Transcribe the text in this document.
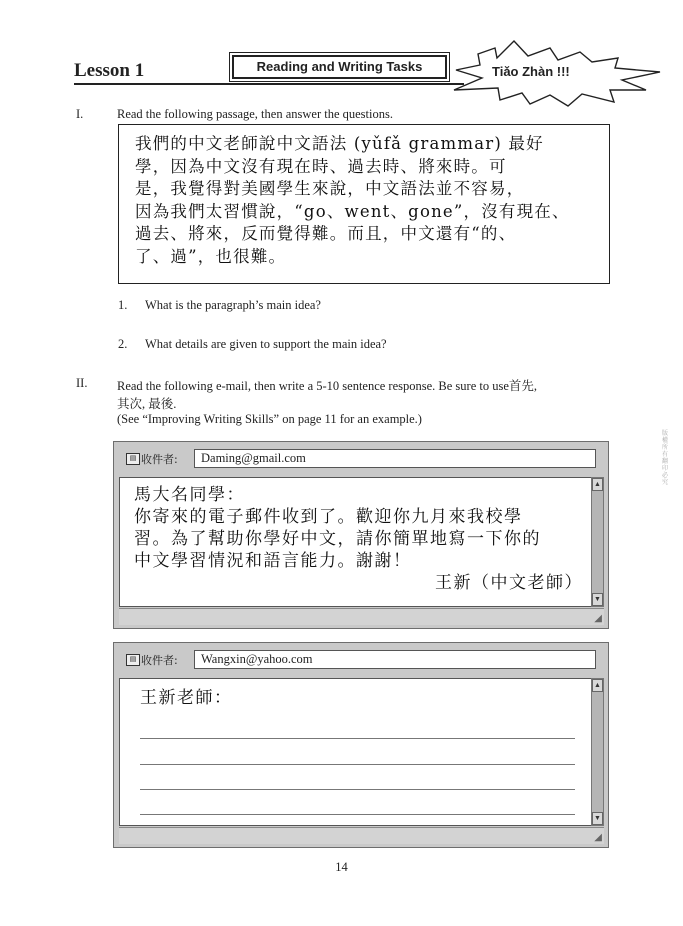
Lesson 1	Reading and Writing Tasks	Tiǎo Zhàn !!!
I.	Read the following passage, then answer the questions.
我們的中文老師說中文語法 (yǔfǎ grammar) 最好
學，因為中文沒有現在時、過去時、將來時。可
是，我覺得對美國學生來說，中文語法並不容易，
因為我們太習慣說，“go、went、gone”，沒有現在、
過去、將來，反而覺得難。而且，中文還有“的、
了、過”，也很難。
1. What is the paragraph’s main idea?
2. What details are given to support the main idea?
II. Read the following e-mail, then write a 5-10 sentence response. Be sure to use首先,
其次, 最後.
(See “Improving Writing Skills” on page 11 for an example.)
▤ 收件者:	Daming@gmail.com
馬大名同學：
你寄來的電子郵件收到了。歡迎你九月來我校學
習。為了幫助你學好中文，請你簡單地寫一下你的
中文學習情況和語言能力。謝謝！
王新（中文老師）
▲
▼
◢
▤ 收件者:	Wangxin@yahoo.com
王新老師：
▲
▼
◢
版權所有翻印必究
14
